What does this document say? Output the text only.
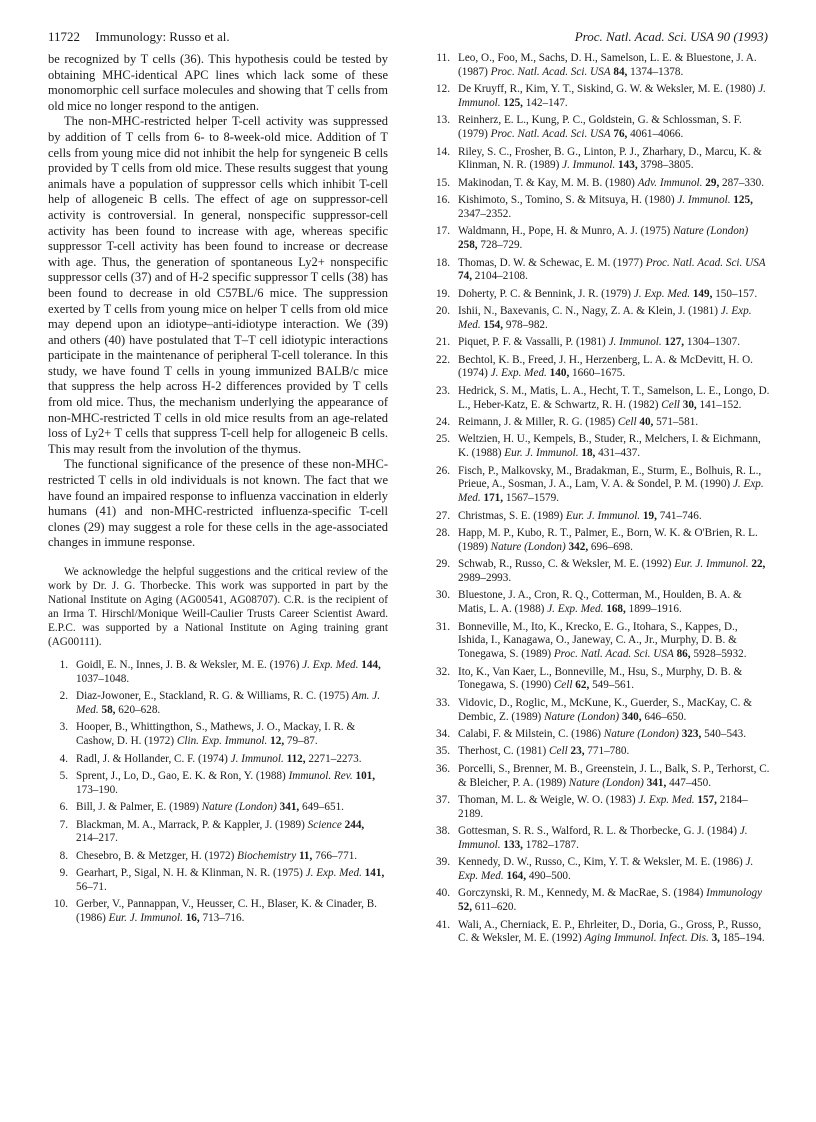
11722 Immunology: Russo et al.	Proc. Natl. Acad. Sci. USA 90 (1993)

be recognized by T cells (36). This hypothesis could be tested by obtaining MHC-identical APC lines which lack some of these monomorphic cell surface molecules and showing that T cells from old mice no longer respond to the antigen.

The non-MHC-restricted helper T-cell activity was suppressed by addition of T cells from 6- to 8-week-old mice. Addition of T cells from young mice did not inhibit the help for syngeneic B cells provided by T cells from old mice. These results suggest that young animals have a population of suppressor cells which inhibit T-cell help of allogeneic B cells. The effect of age on suppressor-cell activity is controversial. In general, nonspecific suppressor-cell activity has been found to increase with age, whereas specific suppressor T-cell activity has been found to increase or decrease with age. Thus, the generation of spontaneous Ly2+ nonspecific suppressor cells (37) and of H-2 specific suppressor T cells (38) has been found to decrease in old C57BL/6 mice. The suppression exerted by T cells from young mice on helper T cells from old mice may depend upon an idiotype–anti-idiotype interaction. We (39) and others (40) have postulated that T–T cell idiotypic interactions participate in the maintenance of peripheral T-cell tolerance. In this study, we have found T cells in young immunized BALB/c mice that suppress the help across H-2 differences provided by T cells from old mice. Thus, the mechanism underlying the appearance of non-MHC-restricted T cells in old mice results from an age-related loss of Ly2+ T cells that suppress T-cell help for allogeneic B cells. This may result from the involution of the thymus.

The functional significance of the presence of these non-MHC-restricted T cells in old individuals is not known. The fact that we have found an impaired response to influenza vaccination in elderly humans (41) and non-MHC-restricted influenza-specific T-cell clones (29) may suggest a role for these cells in the age-associated changes in immune response.

We acknowledge the helpful suggestions and the critical review of the work by Dr. J. G. Thorbecke. This work was supported in part by the National Institute on Aging (AG00541, AG08707). C.R. is the recipient of an Irma T. Hirschl/Monique Weill-Caulier Trusts Career Scientist Award. E.P.C. was supported by a National Institute on Aging training grant (AG00111).

1. Goidl, E. N., Innes, J. B. & Weksler, M. E. (1976) J. Exp. Med. 144, 1037–1048.
2. Diaz-Jowoner, E., Stackland, R. G. & Williams, R. C. (1975) Am. J. Med. 58, 620–628.
3. Hooper, B., Whittingthon, S., Mathews, J. O., Mackay, I. R. & Cashow, D. H. (1972) Clin. Exp. Immunol. 12, 79–87.
4. Radl, J. & Hollander, C. F. (1974) J. Immunol. 112, 2271–2273.
5. Sprent, J., Lo, D., Gao, E. K. & Ron, Y. (1988) Immunol. Rev. 101, 173–190.
6. Bill, J. & Palmer, E. (1989) Nature (London) 341, 649–651.
7. Blackman, M. A., Marrack, P. & Kappler, J. (1989) Science 244, 214–217.
8. Chesebro, B. & Metzger, H. (1972) Biochemistry 11, 766–771.
9. Gearhart, P., Sigal, N. H. & Klinman, N. R. (1975) J. Exp. Med. 141, 56–71.
10. Gerber, V., Pannappan, V., Heusser, C. H., Blaser, K. & Cinader, B. (1986) Eur. J. Immunol. 16, 713–716.
11. Leo, O., Foo, M., Sachs, D. H., Samelson, L. E. & Bluestone, J. A. (1987) Proc. Natl. Acad. Sci. USA 84, 1374–1378.
12. De Kruyff, R., Kim, Y. T., Siskind, G. W. & Weksler, M. E. (1980) J. Immunol. 125, 142–147.
13. Reinherz, E. L., Kung, P. C., Goldstein, G. & Schlossman, S. F. (1979) Proc. Natl. Acad. Sci. USA 76, 4061–4066.
14. Riley, S. C., Frosher, B. G., Linton, P. J., Zharhary, D., Marcu, K. & Klinman, N. R. (1989) J. Immunol. 143, 3798–3805.
15. Makinodan, T. & Kay, M. M. B. (1980) Adv. Immunol. 29, 287–330.
16. Kishimoto, S., Tomino, S. & Mitsuya, H. (1980) J. Immunol. 125, 2347–2352.
17. Waldmann, H., Pope, H. & Munro, A. J. (1975) Nature (London) 258, 728–729.
18. Thomas, D. W. & Schewac, E. M. (1977) Proc. Natl. Acad. Sci. USA 74, 2104–2108.
19. Doherty, P. C. & Bennink, J. R. (1979) J. Exp. Med. 149, 150–157.
20. Ishii, N., Baxevanis, C. N., Nagy, Z. A. & Klein, J. (1981) J. Exp. Med. 154, 978–982.
21. Piquet, P. F. & Vassalli, P. (1981) J. Immunol. 127, 1304–1307.
22. Bechtol, K. B., Freed, J. H., Herzenberg, L. A. & McDevitt, H. O. (1974) J. Exp. Med. 140, 1660–1675.
23. Hedrick, S. M., Matis, L. A., Hecht, T. T., Samelson, L. E., Longo, D. L., Heber-Katz, E. & Schwartz, R. H. (1982) Cell 30, 141–152.
24. Reimann, J. & Miller, R. G. (1985) Cell 40, 571–581.
25. Weltzien, H. U., Kempels, B., Studer, R., Melchers, I. & Eichmann, K. (1988) Eur. J. Immunol. 18, 431–437.
26. Fisch, P., Malkovsky, M., Bradakman, E., Sturm, E., Bolhuis, R. L., Prieue, A., Sosman, J. A., Lam, V. A. & Sondel, P. M. (1990) J. Exp. Med. 171, 1567–1579.
27. Christmas, S. E. (1989) Eur. J. Immunol. 19, 741–746.
28. Happ, M. P., Kubo, R. T., Palmer, E., Born, W. K. & O'Brien, R. L. (1989) Nature (London) 342, 696–698.
29. Schwab, R., Russo, C. & Weksler, M. E. (1992) Eur. J. Immunol. 22, 2989–2993.
30. Bluestone, J. A., Cron, R. Q., Cotterman, M., Houlden, B. A. & Matis, L. A. (1988) J. Exp. Med. 168, 1899–1916.
31. Bonneville, M., Ito, K., Krecko, E. G., Itohara, S., Kappes, D., Ishida, I., Kanagawa, O., Janeway, C. A., Jr., Murphy, D. B. & Tonegawa, S. (1989) Proc. Natl. Acad. Sci. USA 86, 5928–5932.
32. Ito, K., Van Kaer, L., Bonneville, M., Hsu, S., Murphy, D. B. & Tonegawa, S. (1990) Cell 62, 549–561.
33. Vidovic, D., Roglic, M., McKune, K., Guerder, S., MacKay, C. & Dembic, Z. (1989) Nature (London) 340, 646–650.
34. Calabi, F. & Milstein, C. (1986) Nature (London) 323, 540–543.
35. Therhost, C. (1981) Cell 23, 771–780.
36. Porcelli, S., Brenner, M. B., Greenstein, J. L., Balk, S. P., Terhorst, C. & Bleicher, P. A. (1989) Nature (London) 341, 447–450.
37. Thoman, M. L. & Weigle, W. O. (1983) J. Exp. Med. 157, 2184–2189.
38. Gottesman, S. R. S., Walford, R. L. & Thorbecke, G. J. (1984) J. Immunol. 133, 1782–1787.
39. Kennedy, D. W., Russo, C., Kim, Y. T. & Weksler, M. E. (1986) J. Exp. Med. 164, 490–500.
40. Gorczynski, R. M., Kennedy, M. & MacRae, S. (1984) Immunology 52, 611–620.
41. Wali, A., Cherniack, E. P., Ehrleiter, D., Doria, G., Gross, P., Russo, C. & Weksler, M. E. (1992) Aging Immunol. Infect. Dis. 3, 185–194.
